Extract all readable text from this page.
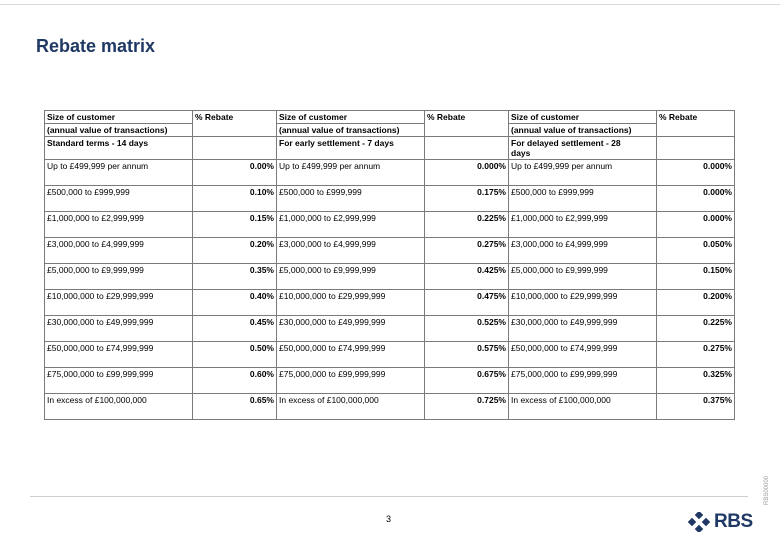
Rebate matrix
Size of customer	% Rebate	Size of customer	% Rebate	Size of customer	% Rebate
(annual value of transactions)		(annual value of transactions)		(annual value of transactions)	
Standard terms - 14 days		For early settlement - 7 days		For delayed settlement - 28
days	
Up to £499,999 per annum	0.00%	Up to £499,999 per annum	0.000%	Up to £499,999 per annum	0.000%
£500,000 to £999,999	0.10%	£500,000 to £999,999	0.175%	£500,000 to £999,999	0.000%
£1,000,000 to £2,999,999	0.15%	£1,000,000 to £2,999,999	0.225%	£1,000,000 to £2,999,999	0.000%
£3,000,000 to £4,999,999	0.20%	£3,000,000 to £4,999,999	0.275%	£3,000,000 to £4,999,999	0.050%
£5,000,000 to £9,999,999	0.35%	£5,000,000 to £9,999,999	0.425%	£5,000,000 to £9,999,999	0.150%
£10,000,000 to £29,999,999	0.40%	£10,000,000 to £29,999,999	0.475%	£10,000,000 to £29,999,999	0.200%
£30,000,000 to £49,999,999	0.45%	£30,000,000 to £49,999,999	0.525%	£30,000,000 to £49,999,999	0.225%
£50,000,000 to £74,999,999	0.50%	£50,000,000 to £74,999,999	0.575%	£50,000,000 to £74,999,999	0.275%
£75,000,000 to £99,999,999	0.60%	£75,000,000 to £99,999,999	0.675%	£75,000,000 to £99,999,999	0.325%
In excess of £100,000,000	0.65%	In excess of £100,000,000	0.725%	In excess of £100,000,000	0.375%
3	RBS
RBS00000
